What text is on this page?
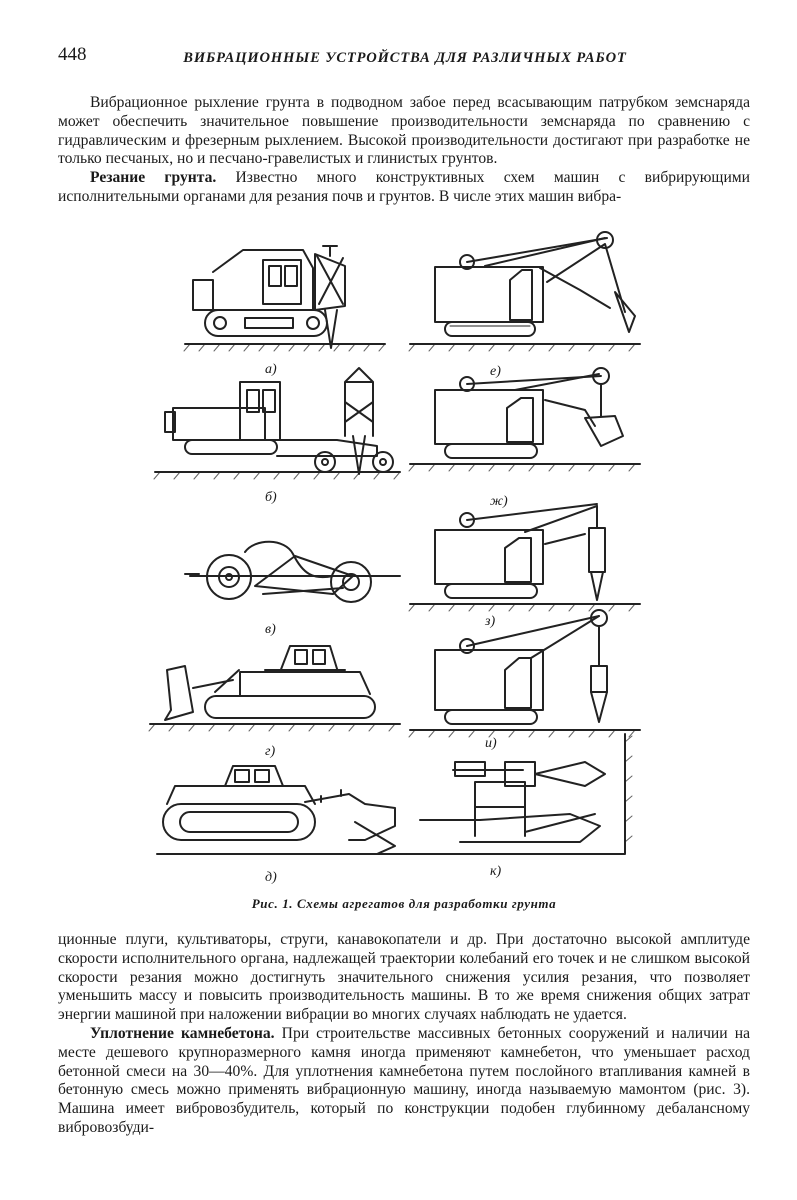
448	ВИБРАЦИОННЫЕ УСТРОЙСТВА ДЛЯ РАЗЛИЧНЫХ РАБОТ

Вибрационное рыхление грунта в подводном забое перед всасывающим патрубком земснаряда может обеспечить значительное повышение производительности земснаряда по сравнению с гидравлическим и фрезерным рыхлением. Высокой производительности достигают при разработке не только песчаных, но и песчано-гравелистых и глинистых грунтов.

Резание грунта. Известно много конструктивных схем машин с вибрирующими исполнительными органами для резания почв и грунтов. В числе этих машин вибра-

а)
б)
в)
г)
д)
е)
ж)
з)
и)
к)
Рис. 1. Схемы агрегатов для разработки грунта

ционные плуги, культиваторы, струги, канавокопатели и др. При достаточно высокой амплитуде скорости исполнительного органа, надлежащей траектории колебаний его точек и не слишком высокой скорости резания можно достигнуть значительного снижения усилия резания, что позволяет уменьшить массу и повысить производительность машины. В то же время снижения общих затрат энергии машиной при наложении вибрации во многих случаях наблюдать не удается.

Уплотнение камнебетона. При строительстве массивных бетонных сооружений и наличии на месте дешевого крупноразмерного камня иногда применяют камнебетон, что уменьшает расход бетонной смеси на 30—40%. Для уплотнения камнебетона путем послойного втапливания камней в бетонную смесь можно применять вибрационную машину, иногда называемую мамонтом (рис. 3). Машина имеет вибровозбудитель, который по конструкции подобен глубинному дебалансному вибровозбуди-
